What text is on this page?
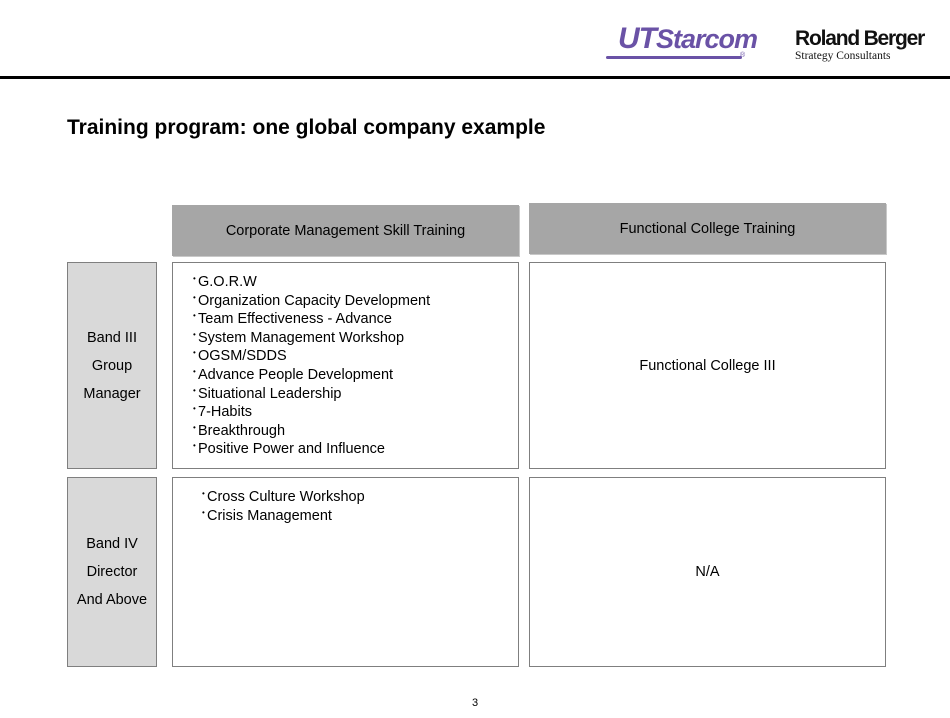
UTStarcom
®
Roland Berger
Strategy Consultants
Training program: one global company example
Corporate Management Skill Training	Functional College Training
Band III
Group
Manager
• G.O.R.W
• Organization Capacity Development
• Team Effectiveness - Advance
• System Management Workshop
• OGSM/SDDS
• Advance People Development
• Situational Leadership
• 7-Habits
• Breakthrough
• Positive Power and Influence
Functional College III
Band IV
Director
And Above
• Cross Culture Workshop
• Crisis Management
N/A
3
